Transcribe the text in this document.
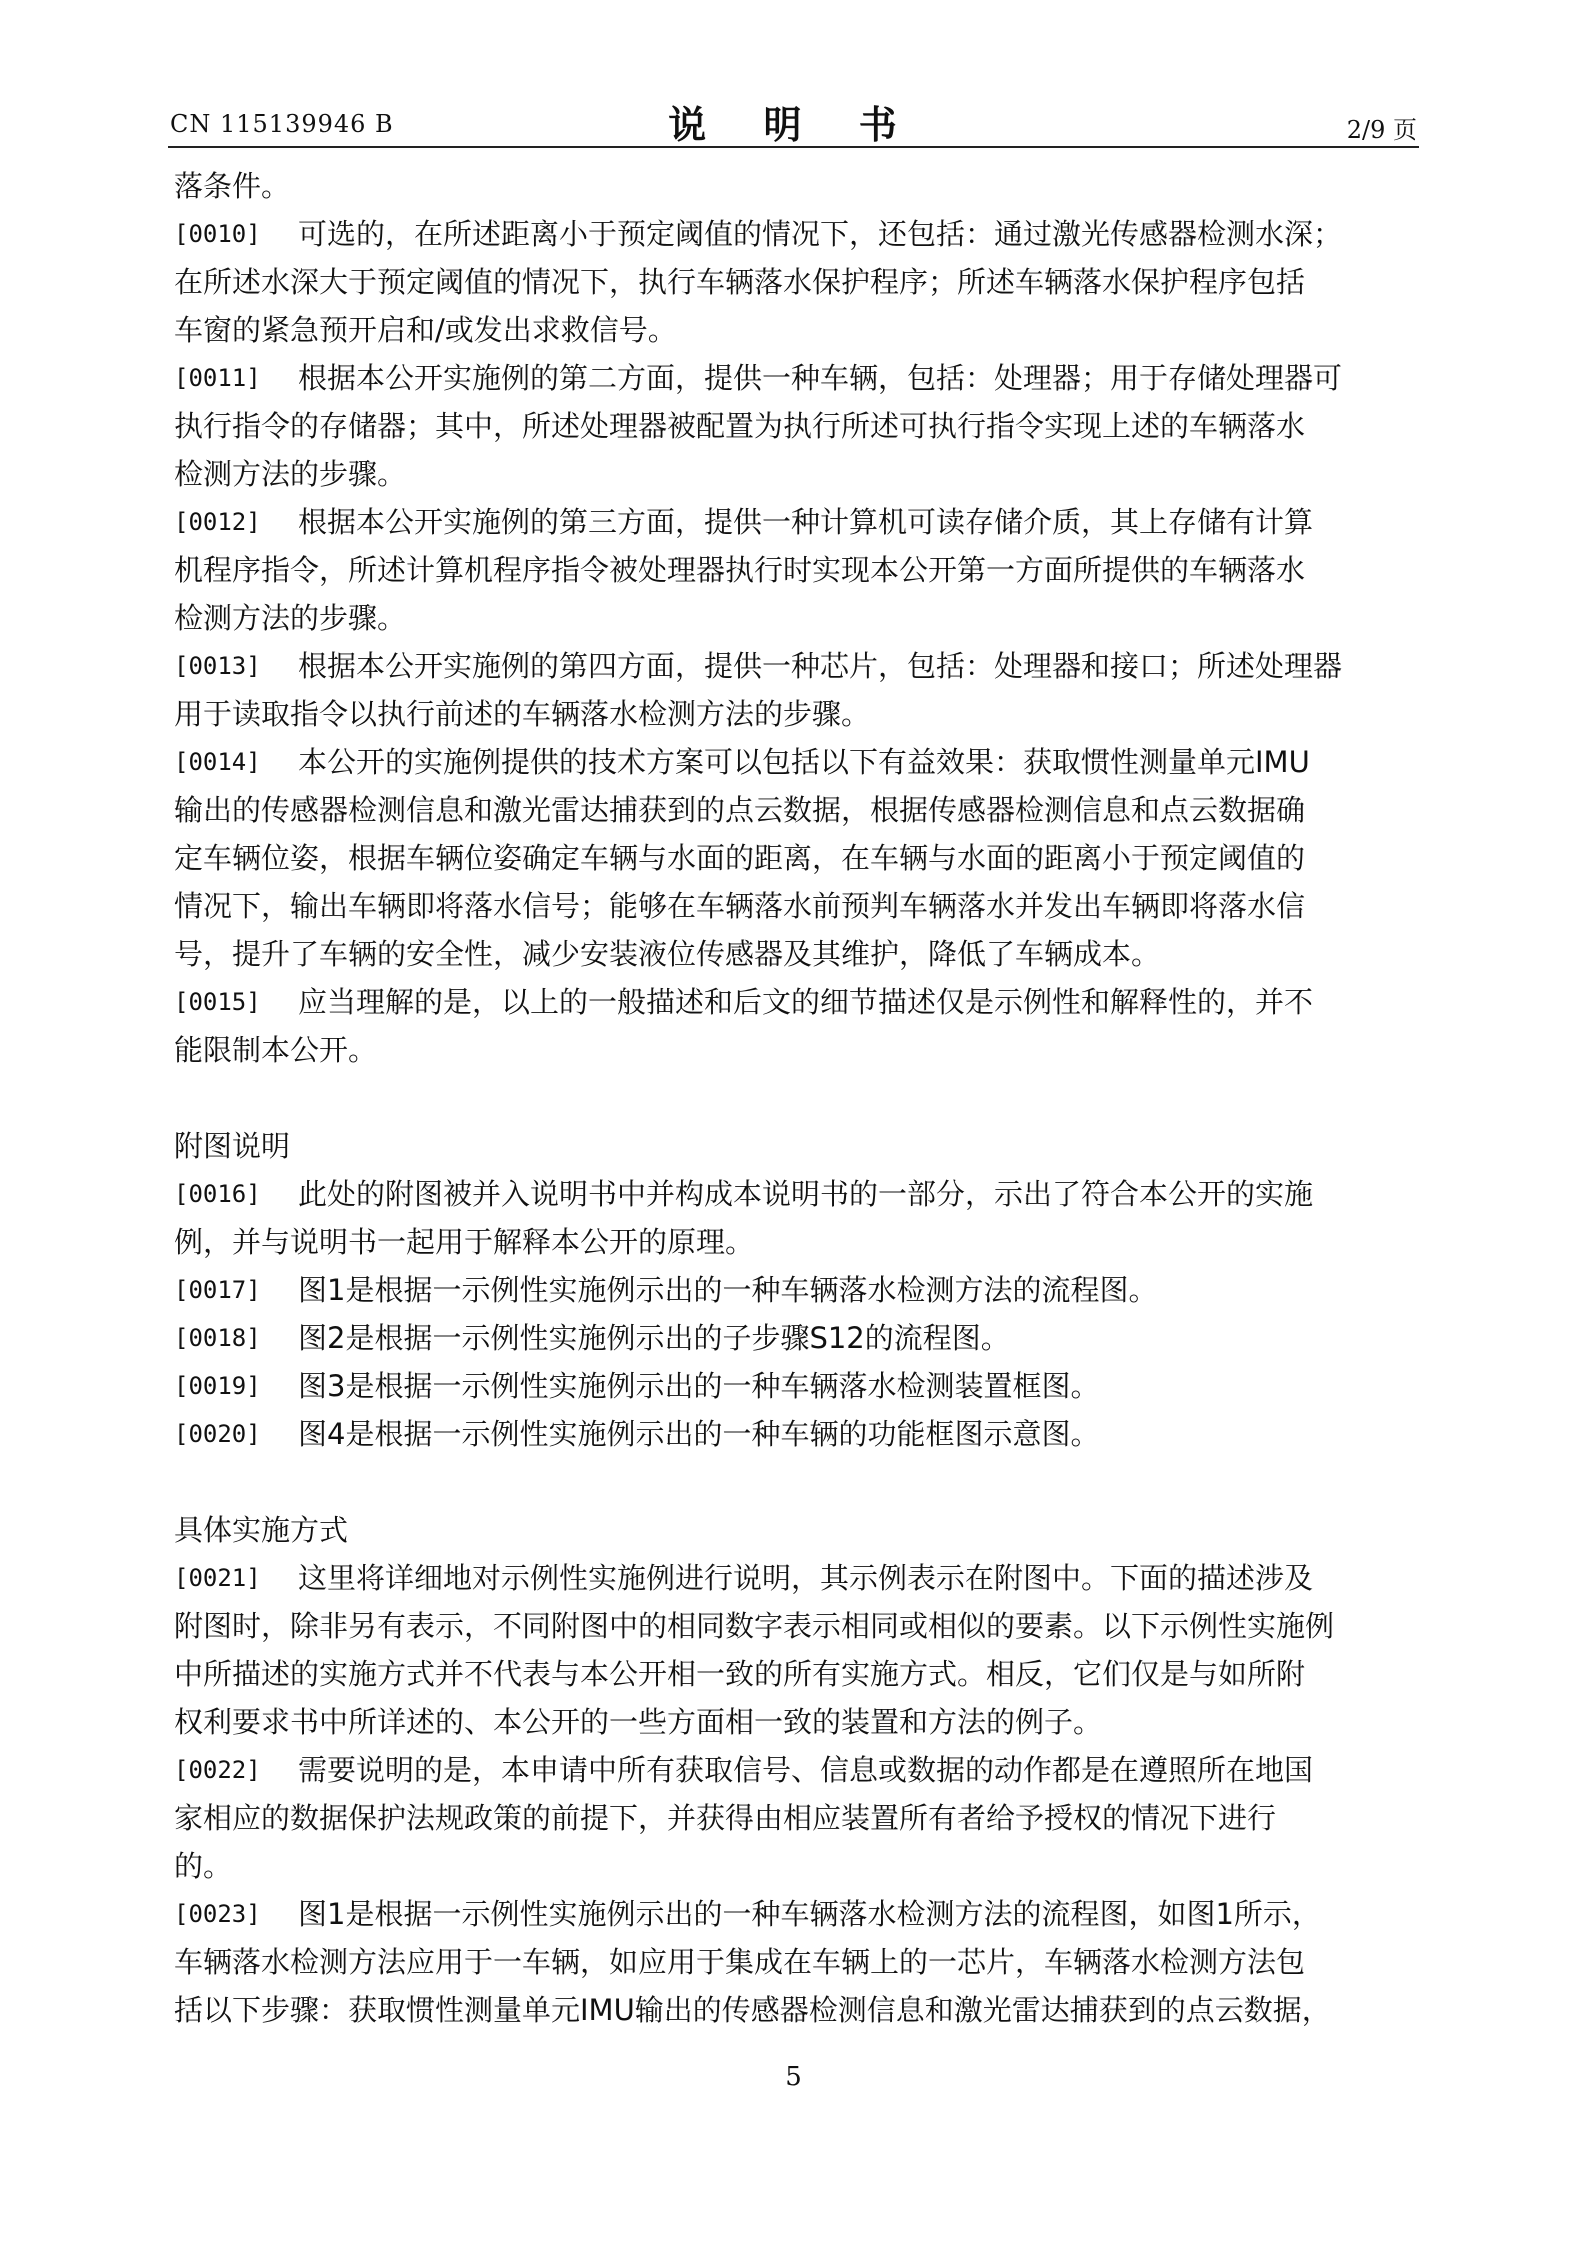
CN 115139946 B	说 明 书	2/9 页
落条件。
[0010] 可选的，在所述距离小于预定阈值的情况下，还包括：通过激光传感器检测水深；
在所述水深大于预定阈值的情况下，执行车辆落水保护程序；所述车辆落水保护程序包括
车窗的紧急预开启和/或发出求救信号。
[0011] 根据本公开实施例的第二方面，提供一种车辆，包括：处理器；用于存储处理器可
执行指令的存储器；其中，所述处理器被配置为执行所述可执行指令实现上述的车辆落水
检测方法的步骤。
[0012] 根据本公开实施例的第三方面，提供一种计算机可读存储介质，其上存储有计算
机程序指令，所述计算机程序指令被处理器执行时实现本公开第一方面所提供的车辆落水
检测方法的步骤。
[0013] 根据本公开实施例的第四方面，提供一种芯片，包括：处理器和接口；所述处理器
用于读取指令以执行前述的车辆落水检测方法的步骤。
[0014] 本公开的实施例提供的技术方案可以包括以下有益效果：获取惯性测量单元IMU
输出的传感器检测信息和激光雷达捕获到的点云数据，根据传感器检测信息和点云数据确
定车辆位姿，根据车辆位姿确定车辆与水面的距离，在车辆与水面的距离小于预定阈值的
情况下，输出车辆即将落水信号；能够在车辆落水前预判车辆落水并发出车辆即将落水信
号，提升了车辆的安全性，减少安装液位传感器及其维护，降低了车辆成本。
[0015] 应当理解的是，以上的一般描述和后文的细节描述仅是示例性和解释性的，并不
能限制本公开。
附图说明
[0016] 此处的附图被并入说明书中并构成本说明书的一部分，示出了符合本公开的实施
例，并与说明书一起用于解释本公开的原理。
[0017] 图1是根据一示例性实施例示出的一种车辆落水检测方法的流程图。
[0018] 图2是根据一示例性实施例示出的子步骤S12的流程图。
[0019] 图3是根据一示例性实施例示出的一种车辆落水检测装置框图。
[0020] 图4是根据一示例性实施例示出的一种车辆的功能框图示意图。
具体实施方式
[0021] 这里将详细地对示例性实施例进行说明，其示例表示在附图中。下面的描述涉及
附图时，除非另有表示，不同附图中的相同数字表示相同或相似的要素。以下示例性实施例
中所描述的实施方式并不代表与本公开相一致的所有实施方式。相反，它们仅是与如所附
权利要求书中所详述的、本公开的一些方面相一致的装置和方法的例子。
[0022] 需要说明的是，本申请中所有获取信号、信息或数据的动作都是在遵照所在地国
家相应的数据保护法规政策的前提下，并获得由相应装置所有者给予授权的情况下进行
的。
[0023] 图1是根据一示例性实施例示出的一种车辆落水检测方法的流程图，如图1所示，
车辆落水检测方法应用于一车辆，如应用于集成在车辆上的一芯片，车辆落水检测方法包
括以下步骤：获取惯性测量单元IMU输出的传感器检测信息和激光雷达捕获到的点云数据，
5
